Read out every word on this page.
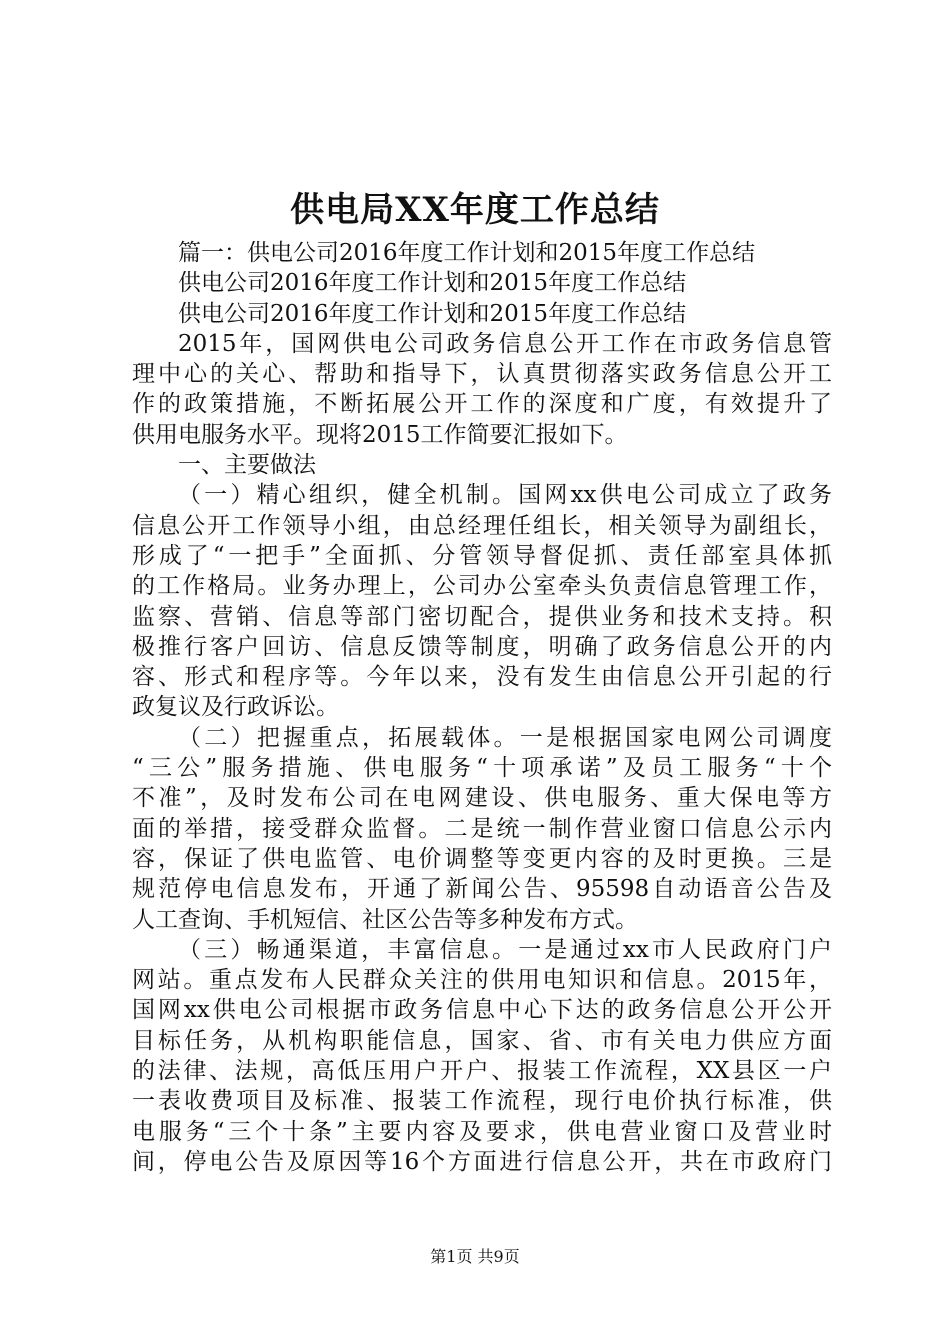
供电局XX年度工作总结
篇一：供电公司2016年度工作计划和2015年度工作总结
供电公司2016年度工作计划和2015年度工作总结
供电公司2016年度工作计划和2015年度工作总结
2015年，国网供电公司政务信息公开工作在市政务信息管
理中心的关心、帮助和指导下，认真贯彻落实政务信息公开工
作的政策措施，不断拓展公开工作的深度和广度，有效提升了
供用电服务水平。现将2015工作简要汇报如下。
一、主要做法
（一）精心组织，健全机制。国网xx供电公司成立了政务
信息公开工作领导小组，由总经理任组长，相关领导为副组长，
形成了“一把手”全面抓、分管领导督促抓、责任部室具体抓
的工作格局。业务办理上，公司办公室牵头负责信息管理工作，
监察、营销、信息等部门密切配合，提供业务和技术支持。积
极推行客户回访、信息反馈等制度，明确了政务信息公开的内
容、形式和程序等。今年以来，没有发生由信息公开引起的行
政复议及行政诉讼。
（二）把握重点，拓展载体。一是根据国家电网公司调度
“三公”服务措施、供电服务“十项承诺”及员工服务“十个
不准”，及时发布公司在电网建设、供电服务、重大保电等方
面的举措，接受群众监督。二是统一制作营业窗口信息公示内
容，保证了供电监管、电价调整等变更内容的及时更换。三是
规范停电信息发布，开通了新闻公告、95598自动语音公告及
人工查询、手机短信、社区公告等多种发布方式。
（三）畅通渠道，丰富信息。一是通过xx市人民政府门户
网站。重点发布人民群众关注的供用电知识和信息。2015年，
国网xx供电公司根据市政务信息中心下达的政务信息公开公开
目标任务，从机构职能信息，国家、省、市有关电力供应方面
的法律、法规，高低压用户开户、报装工作流程，XX县区一户
一表收费项目及标准、报装工作流程，现行电价执行标准，供
电服务“三个十条”主要内容及要求，供电营业窗口及营业时
间，停电公告及原因等16个方面进行信息公开，共在市政府门
第1页 共9页
